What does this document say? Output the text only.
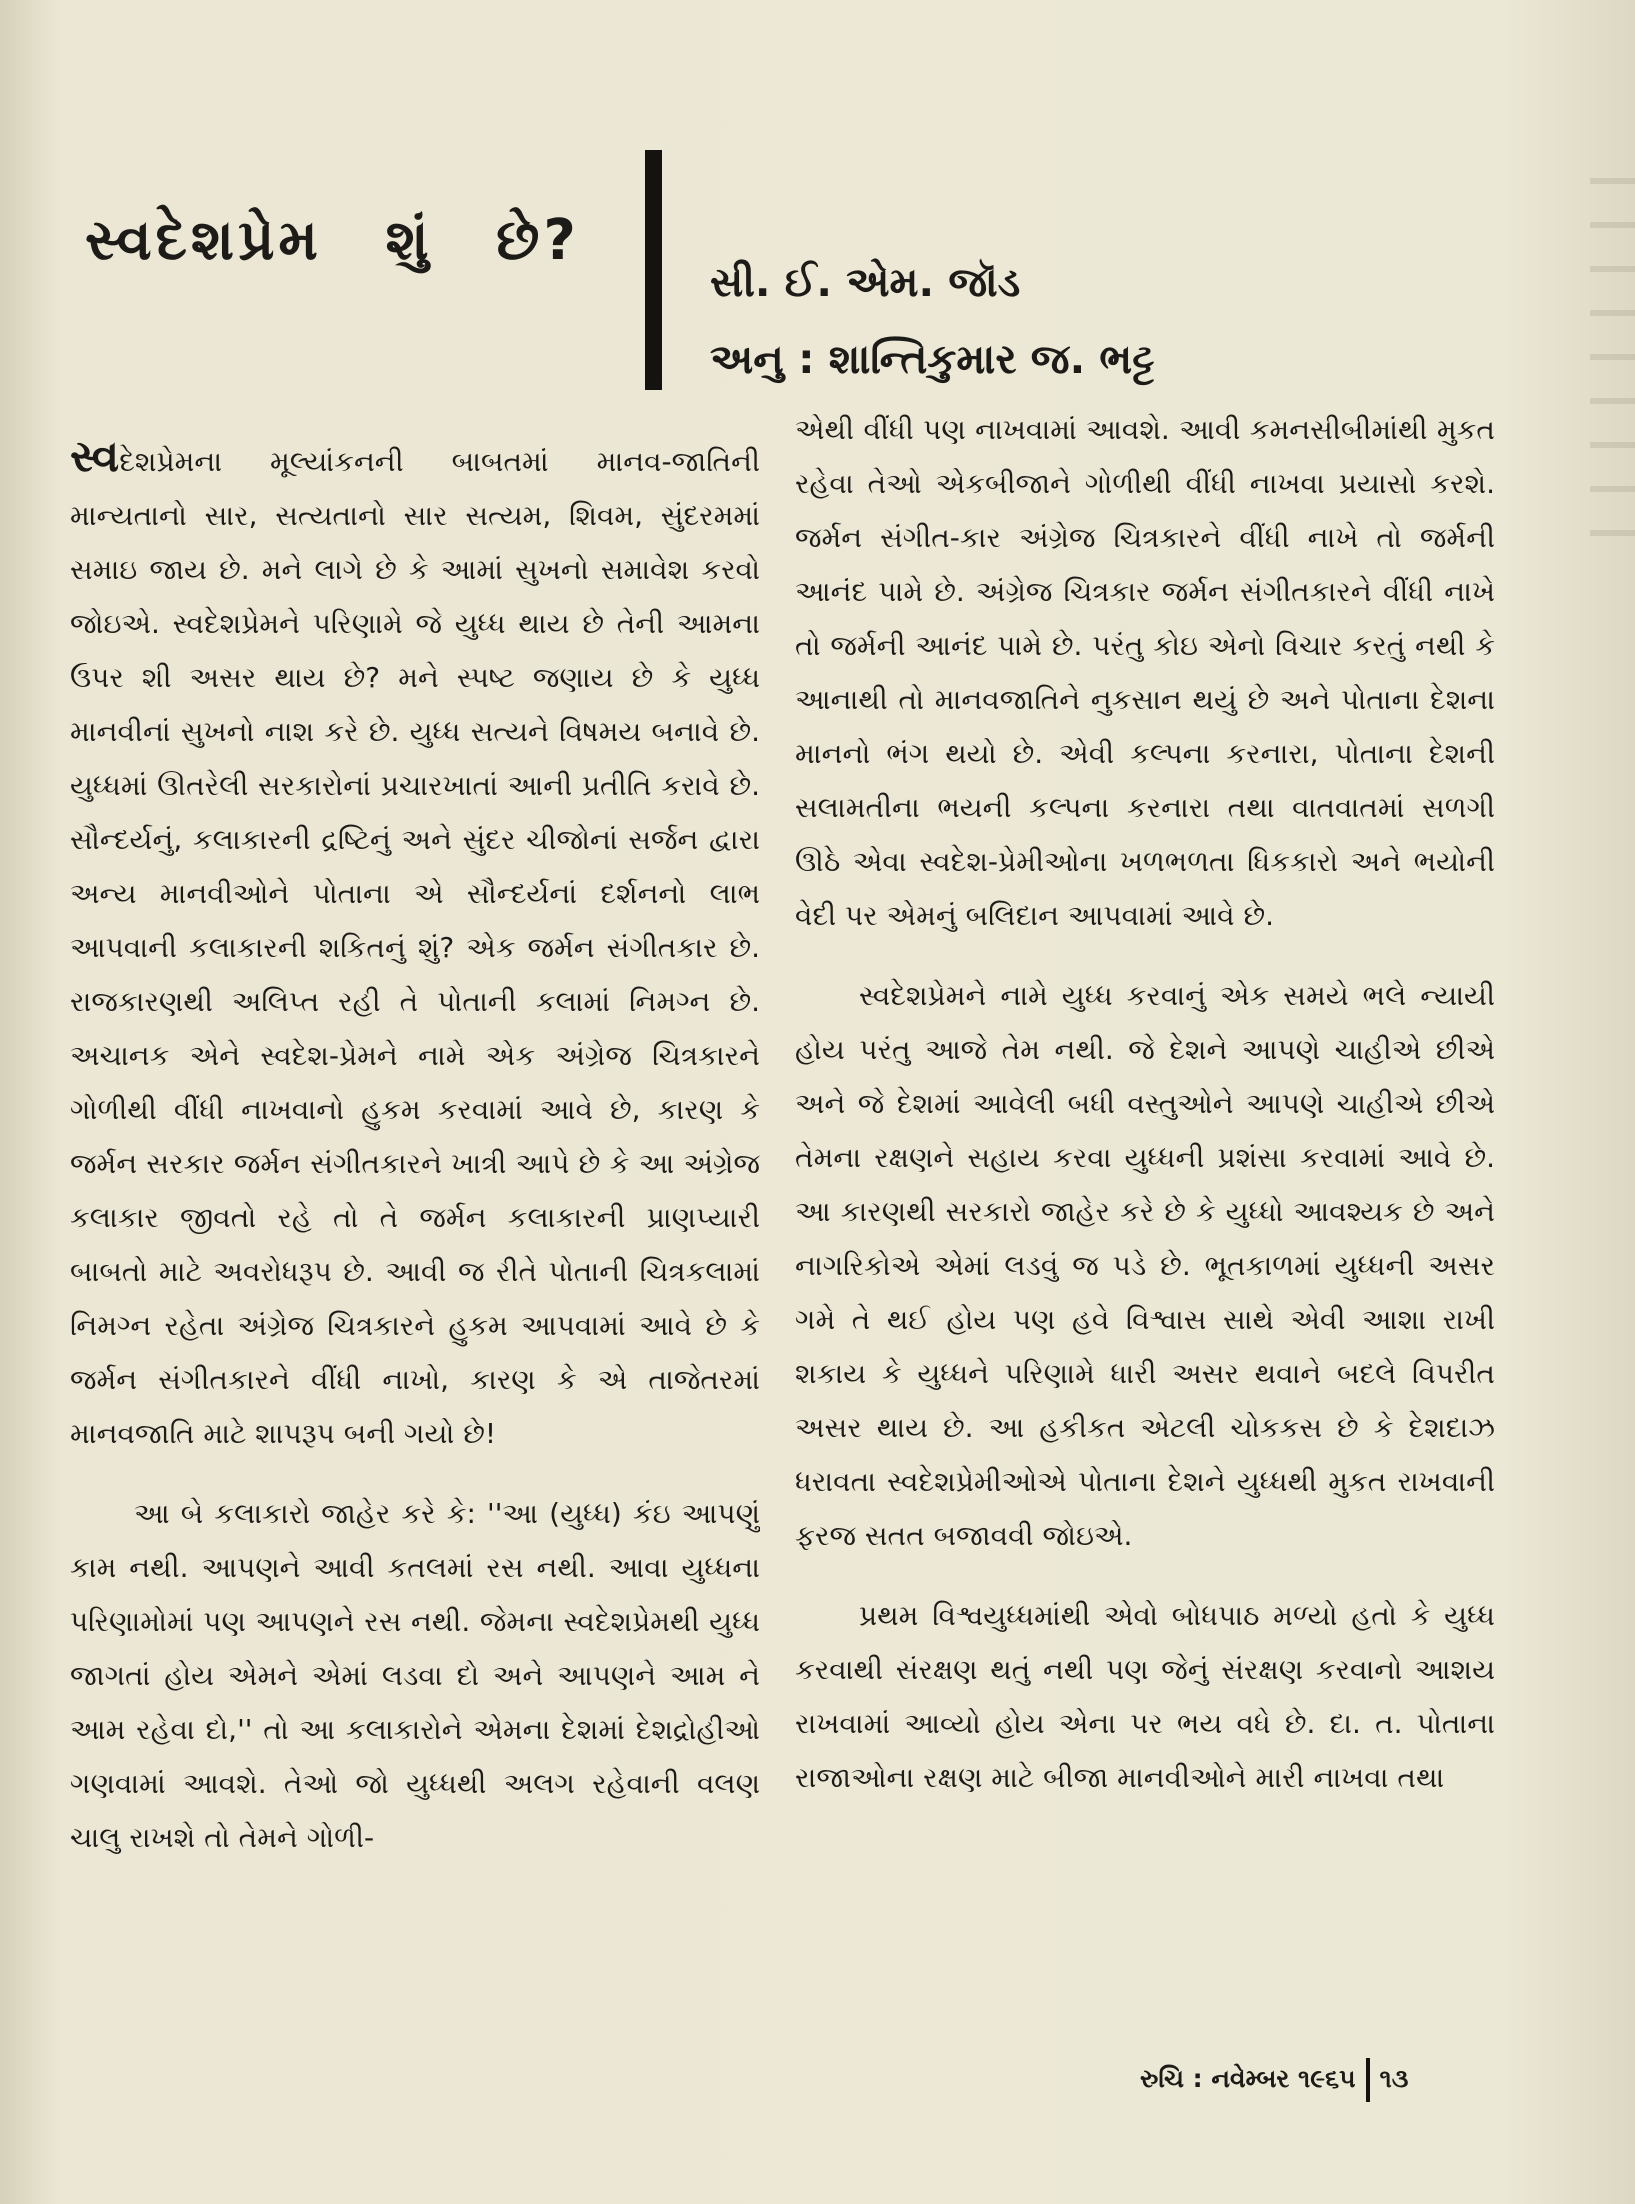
સ્વદેશપ્રેમ શું છે?
સી. ઈ. એમ. જૉડ
અનુ : શાન્તિકુમાર જ. ભટ્ટ

સ્વદેશપ્રેમના મૂલ્યાંકનની બાબતમાં માનવ-જાતિની માન્યતાનો સાર, સત્યતાનો સાર સત્યમ, શિવમ, સુંદરમમાં સમાઇ જાય છે. મને લાગે છે કે આમાં સુખનો સમાવેશ કરવો જોઇએ. સ્વદેશપ્રેમને પરિણામે જે યુધ્ધ થાય છે તેની આમના ઉપર શી અસર થાય છે? મને સ્પષ્ટ જણાય છે કે યુધ્ધ માનવીનાં સુખનો નાશ કરે છે. યુધ્ધ સત્યને વિષમય બનાવે છે. યુધ્ધમાં ઊતરેલી સરકારોનાં પ્રચારખાતાં આની પ્રતીતિ કરાવે છે. સૌન્દર્યનું, કલાકારની દ્રષ્ટિનું અને સુંદર ચીજોનાં સર્જન દ્વારા અન્ય માનવીઓને પોતાના એ સૌન્દર્યનાં દર્શનનો લાભ આપવાની કલાકારની શકિતનું શું? એક જર્મન સંગીતકાર છે. રાજકારણથી અલિપ્ત રહી તે પોતાની કલામાં નિમગ્ન છે. અચાનક એને સ્વદેશ-પ્રેમને નામે એક અંગ્રેજ ચિત્રકારને ગોળીથી વીંધી નાખવાનો હુકમ કરવામાં આવે છે, કારણ કે જર્મન સરકાર જર્મન સંગીતકારને ખાત્રી આપે છે કે આ અંગ્રેજ કલાકાર જીવતો રહે તો તે જર્મન કલાકારની પ્રાણપ્યારી બાબતો માટે અવરોધરૂપ છે. આવી જ રીતે પોતાની ચિત્રકલામાં નિમગ્ન રહેતા અંગ્રેજ ચિત્રકારને હુકમ આપવામાં આવે છે કે જર્મન સંગીતકારને વીંધી નાખો, કારણ કે એ તાજેતરમાં માનવજાતિ માટે શાપરૂપ બની ગયો છે!

આ બે કલાકારો જાહેર કરે કે: ''આ (યુધ્ધ) કંઇ આપણું કામ નથી. આપણને આવી કતલમાં રસ નથી. આવા યુધ્ધના પરિણામોમાં પણ આપણને રસ નથી. જેમના સ્વદેશપ્રેમથી યુધ્ધ જાગતાં હોય એમને એમાં લડવા દો અને આપણને આમ ને આમ રહેવા દો,'' તો આ કલાકારોને એમના દેશમાં દેશદ્રોહીઓ ગણવામાં આવશે. તેઓ જો યુધ્ધથી અલગ રહેવાની વલણ ચાલુ રાખશે તો તેમને ગોળી-

એથી વીંધી પણ નાખવામાં આવશે. આવી કમનસીબીમાંથી મુકત રહેવા તેઓ એકબીજાને ગોળીથી વીંધી નાખવા પ્રયાસો કરશે. જર્મન સંગીત-કાર અંગ્રેજ ચિત્રકારને વીંધી નાખે તો જર્મની આનંદ પામે છે. અંગ્રેજ ચિત્રકાર જર્મન સંગીતકારને વીંધી નાખે તો જર્મની આનંદ પામે છે. પરંતુ કોઇ એનો વિચાર કરતું નથી કે આનાથી તો માનવજાતિને નુકસાન થયું છે અને પોતાના દેશના માનનો ભંગ થયો છે. એવી કલ્પના કરનારા, પોતાના દેશની સલામતીના ભયની કલ્પના કરનારા તથા વાતવાતમાં સળગી ઊઠે એવા સ્વદેશ-પ્રેમીઓના ખળભળતા ધિકકારો અને ભયોની વેદી પર એમનું બલિદાન આપવામાં આવે છે.

સ્વદેશપ્રેમને નામે યુધ્ધ કરવાનું એક સમયે ભલે ન્યાયી હોય પરંતુ આજે તેમ નથી. જે દેશને આપણે ચાહીએ છીએ અને જે દેશમાં આવેલી બધી વસ્તુઓને આપણે ચાહીએ છીએ તેમના રક્ષણને સહાય કરવા યુધ્ધની પ્રશંસા કરવામાં આવે છે. આ કારણથી સરકારો જાહેર કરે છે કે યુધ્ધો આવશ્યક છે અને નાગરિકોએ એમાં લડવું જ પડે છે. ભૂતકાળમાં યુધ્ધની અસર ગમે તે થઈ હોય પણ હવે વિશ્વાસ સાથે એવી આશા રાખી શકાય કે યુધ્ધને પરિણામે ધારી અસર થવાને બદલે વિપરીત અસર થાય છે. આ હકીકત એટલી ચોકકસ છે કે દેશદાઝ ધરાવતા સ્વદેશપ્રેમીઓએ પોતાના દેશને યુધ્ધથી મુકત રાખવાની ફરજ સતત બજાવવી જોઇએ.

પ્રથમ વિશ્વયુધ્ધમાંથી એવો બોધપાઠ મળ્યો હતો કે યુધ્ધ કરવાથી સંરક્ષણ થતું નથી પણ જેનું સંરક્ષણ કરવાનો આશય રાખવામાં આવ્યો હોય એના પર ભય વધે છે. દા. ત. પોતાના રાજાઓના રક્ષણ માટે બીજા માનવીઓને મારી નાખવા તથા

રુચિ : નવેમ્બર ૧૯૬૫ ૧૩
